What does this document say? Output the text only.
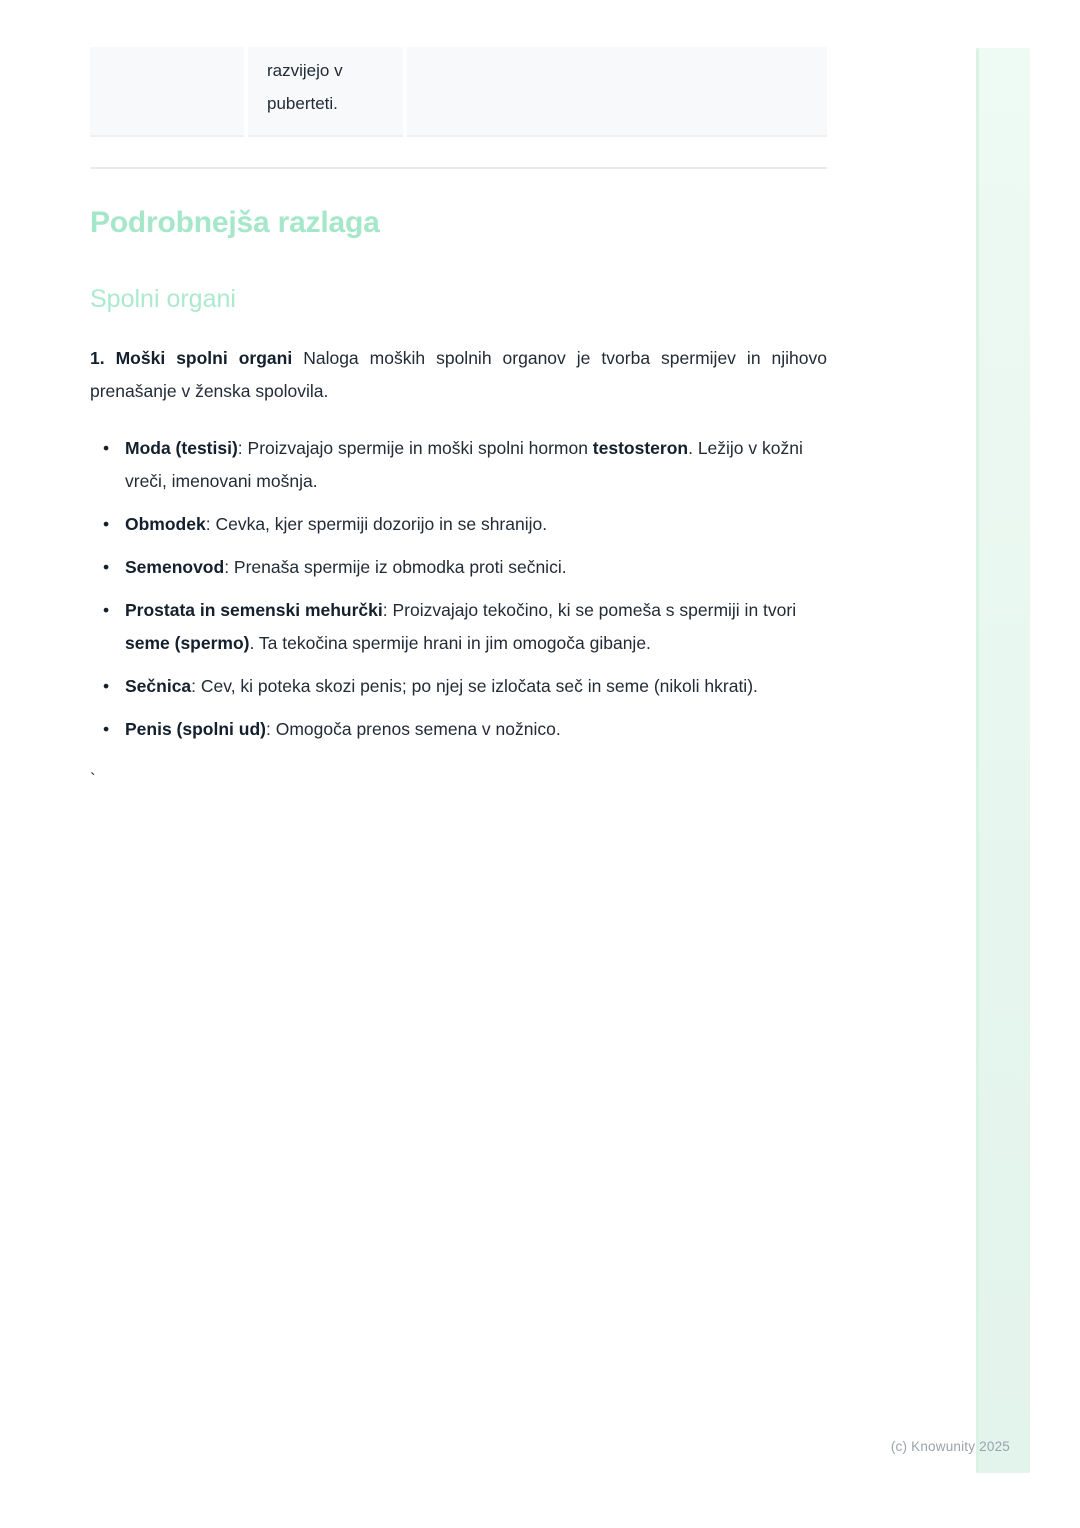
razvijejo v puberteti.
Podrobnejša razlaga
Spolni organi

1. Moški spolni organi Naloga moških spolnih organov je tvorba spermijev in njihovo prenašanje v ženska spolovila.

• Moda (testisi): Proizvajajo spermije in moški spolni hormon testosteron. Ležijo v kožni vreči, imenovani mošnja.
• Obmodek: Cevka, kjer spermiji dozorijo in se shranijo.
• Semenovod: Prenaša spermije iz obmodka proti sečnici.
• Prostata in semenski mehurčki: Proizvajajo tekočino, ki se pomeša s spermiji in tvori seme (spermo). Ta tekočina spermije hrani in jim omogoča gibanje.
• Sečnica: Cev, ki poteka skozi penis; po njej se izločata seč in seme (nikoli hkrati).
• Penis (spolni ud): Omogoča prenos semena v nožnico.

`

(c) Knowunity 2025
